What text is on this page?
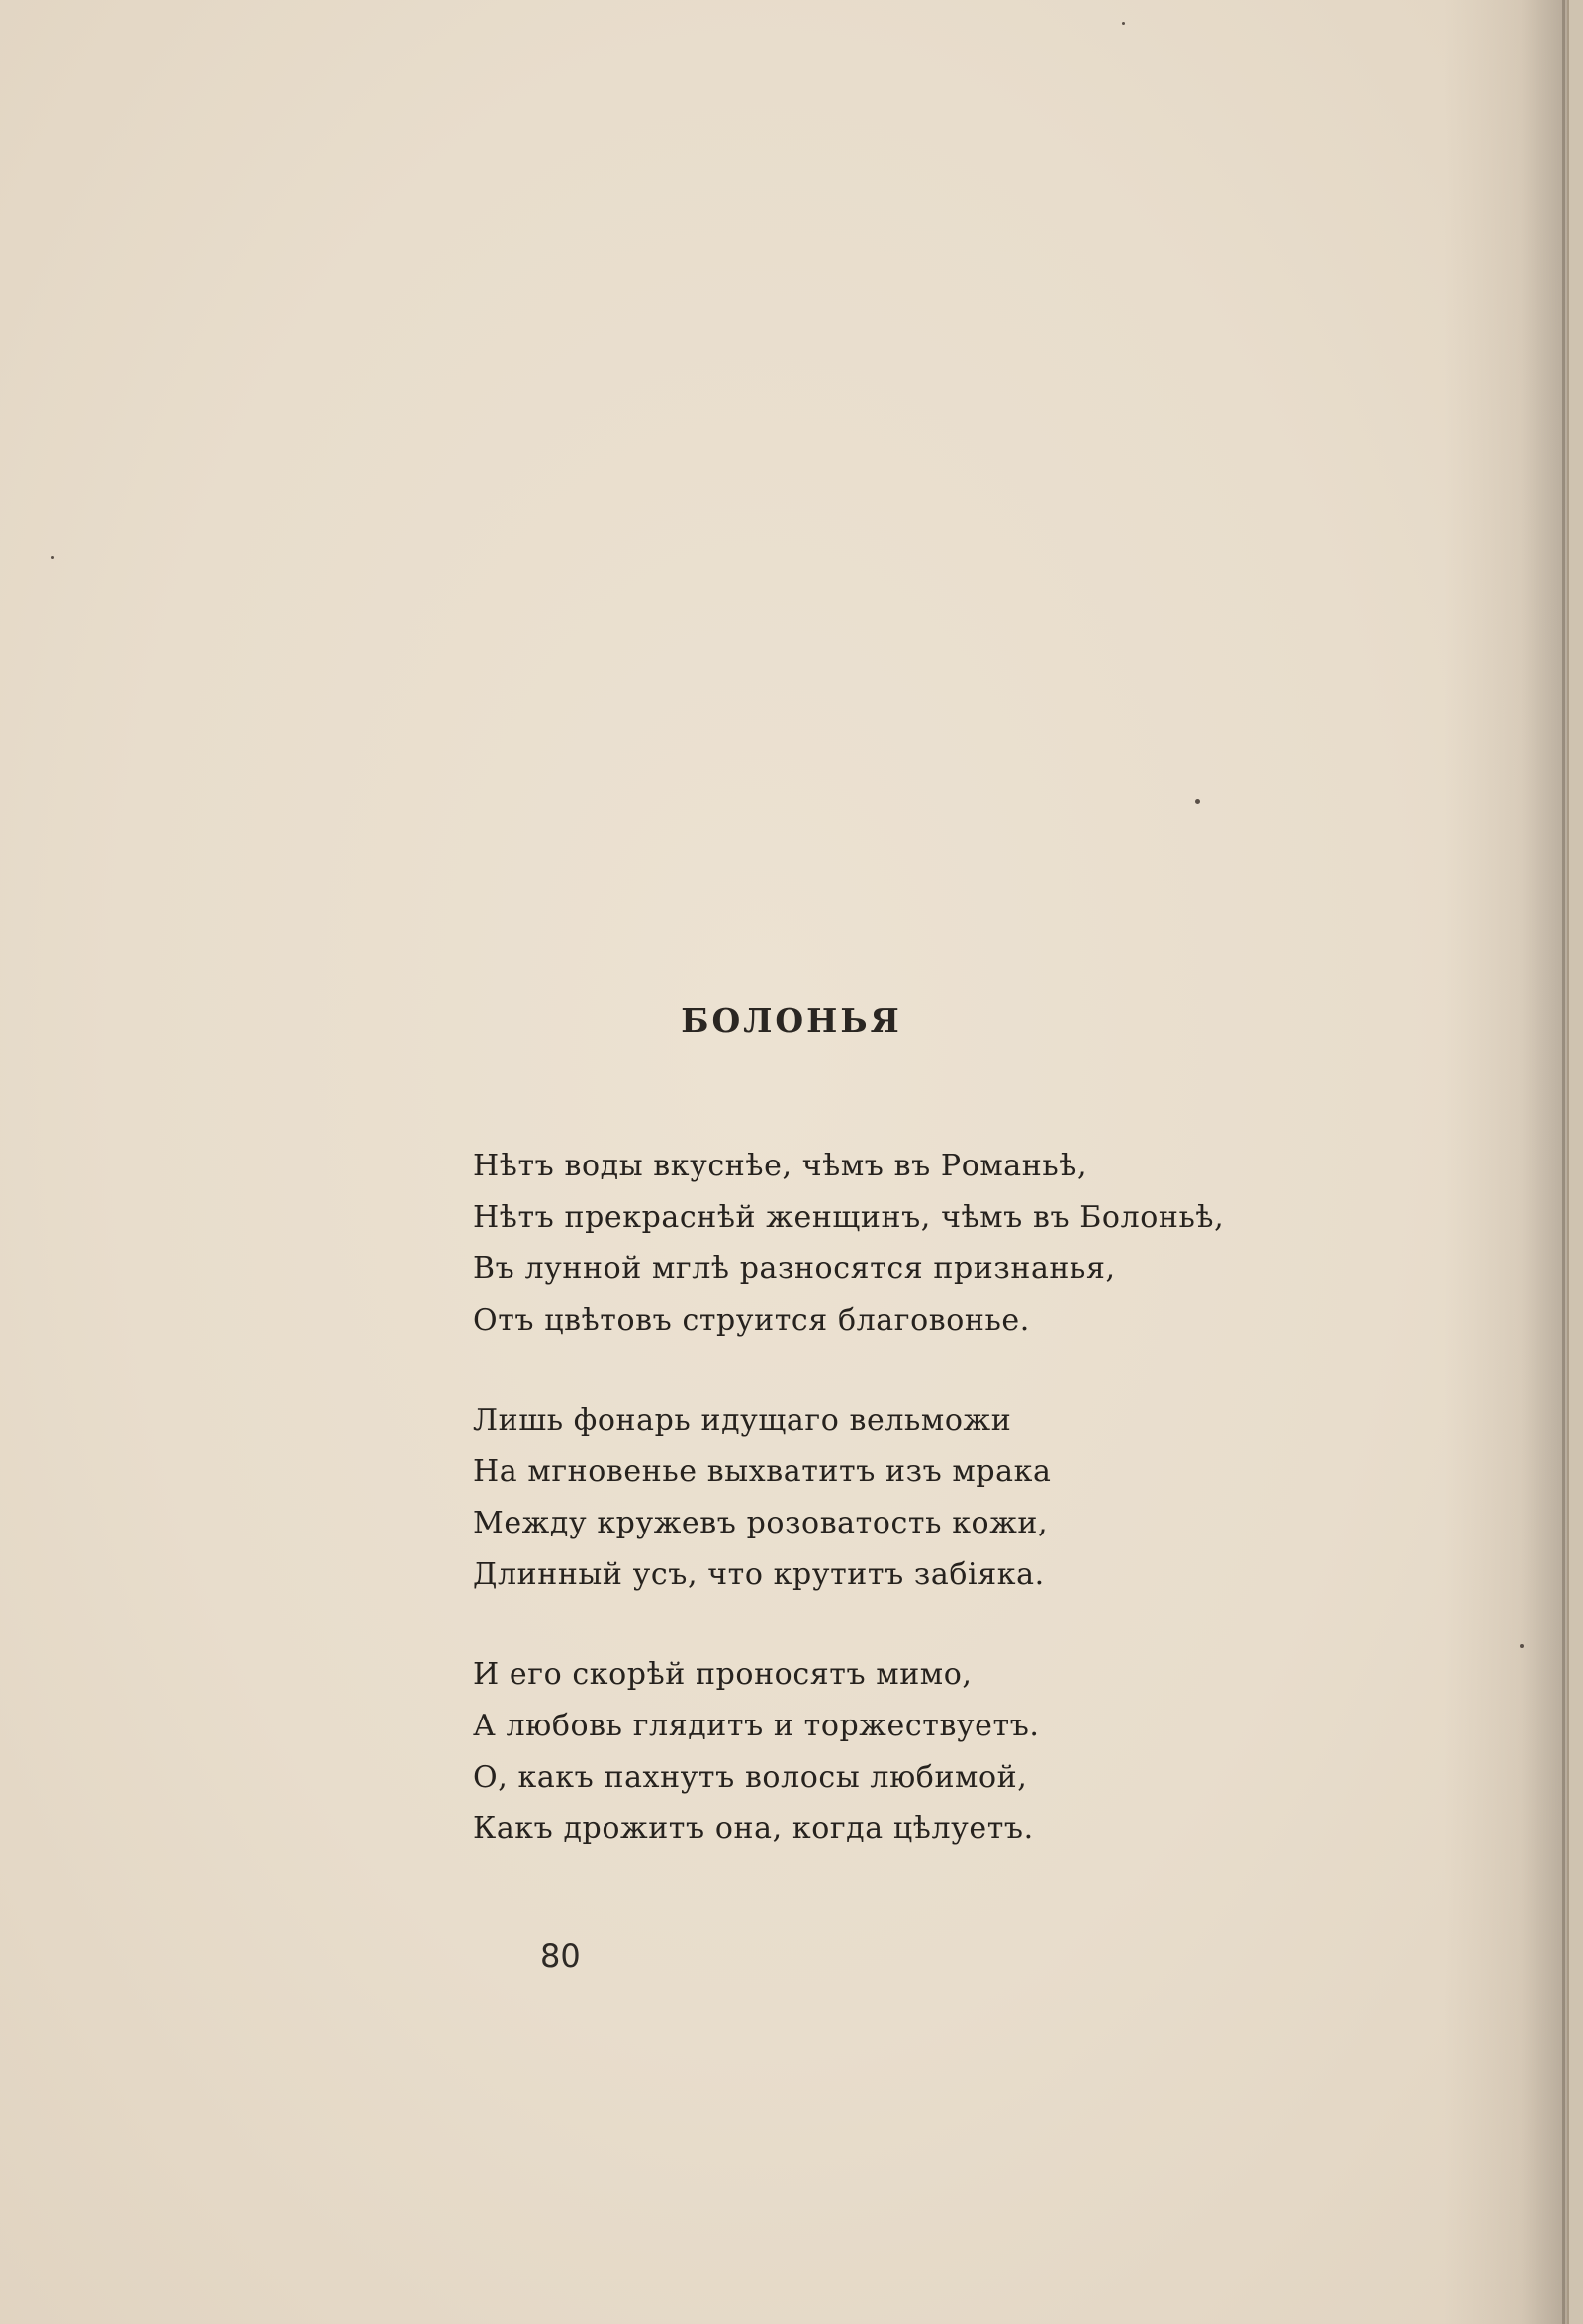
БОЛОНЬЯ
Нѣтъ воды вкуснѣе, чѣмъ въ Романьѣ,
Нѣтъ прекраснѣй женщинъ, чѣмъ въ Болоньѣ,
Въ лунной мглѣ разносятся признанья,
Отъ цвѣтовъ струится благовонье.
Лишь фонарь идущаго вельможи
На мгновенье выхватитъ изъ мрака
Между кружевъ розоватость кожи,
Длинный усъ, что крутитъ забіяка.
И его скорѣй проносятъ мимо,
А любовь глядитъ и торжествуетъ.
О, какъ пахнутъ волосы любимой,
Какъ дрожитъ она, когда цѣлуетъ.
80
